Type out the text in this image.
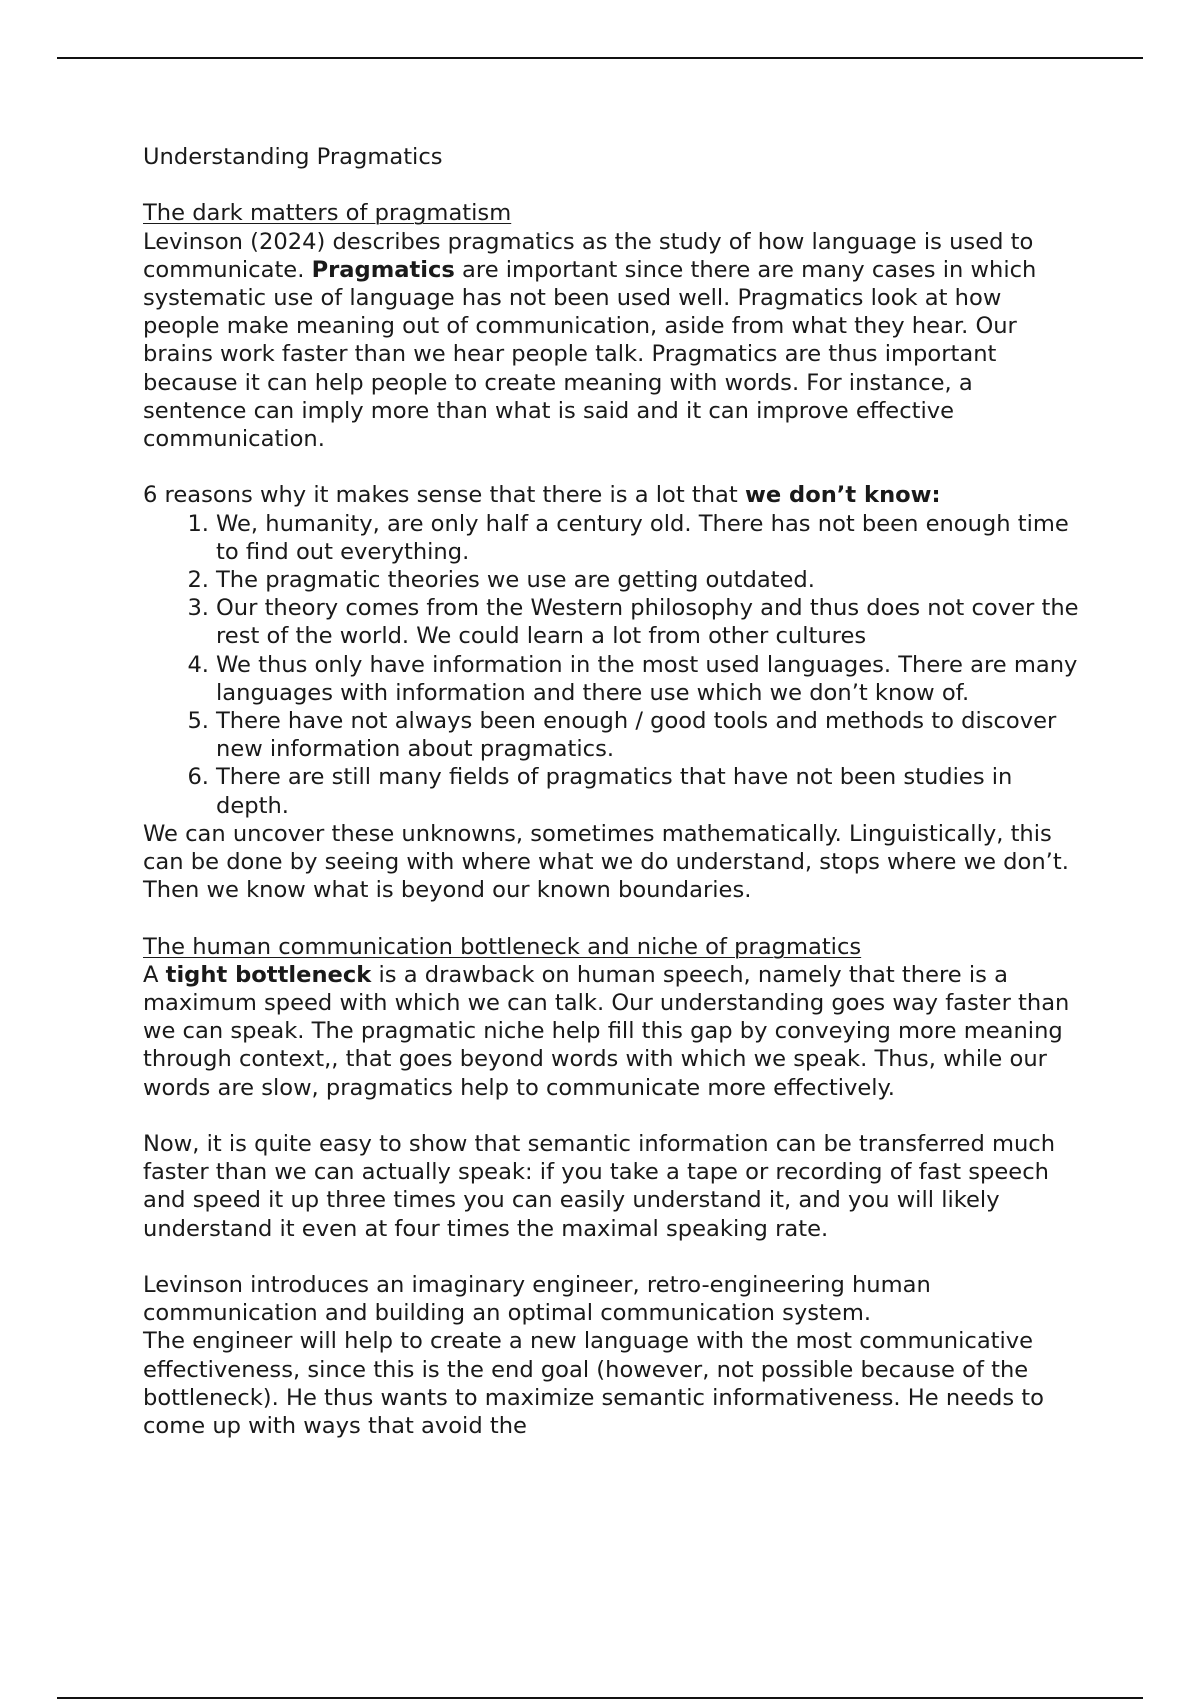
Understanding Pragmatics

The dark matters of pragmatism

Levinson (2024) describes pragmatics as the study of how language is used to communicate. Pragmatics are important since there are many cases in which systematic use of language has not been used well. Pragmatics look at how people make meaning out of communication, aside from what they hear. Our brains work faster than we hear people talk. Pragmatics are thus important because it can help people to create meaning with words. For instance, a sentence can imply more than what is said and it can improve effective communication.

6 reasons why it makes sense that there is a lot that we don’t know:

1. We, humanity, are only half a century old. There has not been enough time to find out everything.
2. The pragmatic theories we use are getting outdated.
3. Our theory comes from the Western philosophy and thus does not cover the rest of the world. We could learn a lot from other cultures
4. We thus only have information in the most used languages. There are many languages with information and there use which we don’t know of.
5. There have not always been enough / good tools and methods to discover new information about pragmatics.
6. There are still many fields of pragmatics that have not been studies in depth.

We can uncover these unknowns, sometimes mathematically. Linguistically, this can be done by seeing with where what we do understand, stops where we don’t. Then we know what is beyond our known boundaries.

The human communication bottleneck and niche of pragmatics

A tight bottleneck is a drawback on human speech, namely that there is a maximum speed with which we can talk. Our understanding goes way faster than we can speak. The pragmatic niche help fill this gap by conveying more meaning through context,, that goes beyond words with which we speak. Thus, while our words are slow, pragmatics help to communicate more effectively.

Now, it is quite easy to show that semantic information can be transferred much faster than we can actually speak: if you take a tape or recording of fast speech and speed it up three times you can easily understand it, and you will likely understand it even at four times the maximal speaking rate.

Levinson introduces an imaginary engineer, retro-engineering human communication and building an optimal communication system.

The engineer will help to create a new language with the most communicative effectiveness, since this is the end goal (however, not possible because of the bottleneck). He thus wants to maximize semantic informativeness. He needs to come up with ways that avoid the
